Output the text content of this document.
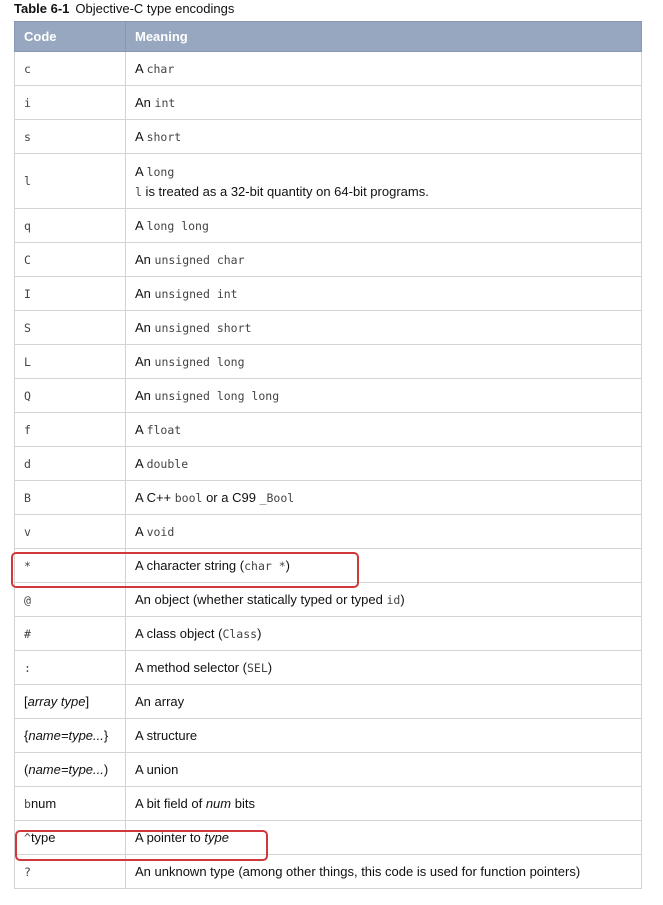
Table 6-1 Objective-C type encodings
Code	Meaning
c	A char
i	An int
s	A short
l	A long
l is treated as a 32-bit quantity on 64-bit programs.

q	A long long
C	An unsigned char
I	An unsigned int
S	An unsigned short
L	An unsigned long
Q	An unsigned long long
f	A float
d	A double
B	A C++ bool or a C99 _Bool
v	A void
*	A character string (char *)
@	An object (whether statically typed or typed id)
#	A class object (Class)
:	A method selector (SEL)
[array type]	An array
{name=type...}	A structure
(name=type...)	A union
bnum	A bit field of num bits
^type	A pointer to type
?	An unknown type (among other things, this code is used for function pointers)
